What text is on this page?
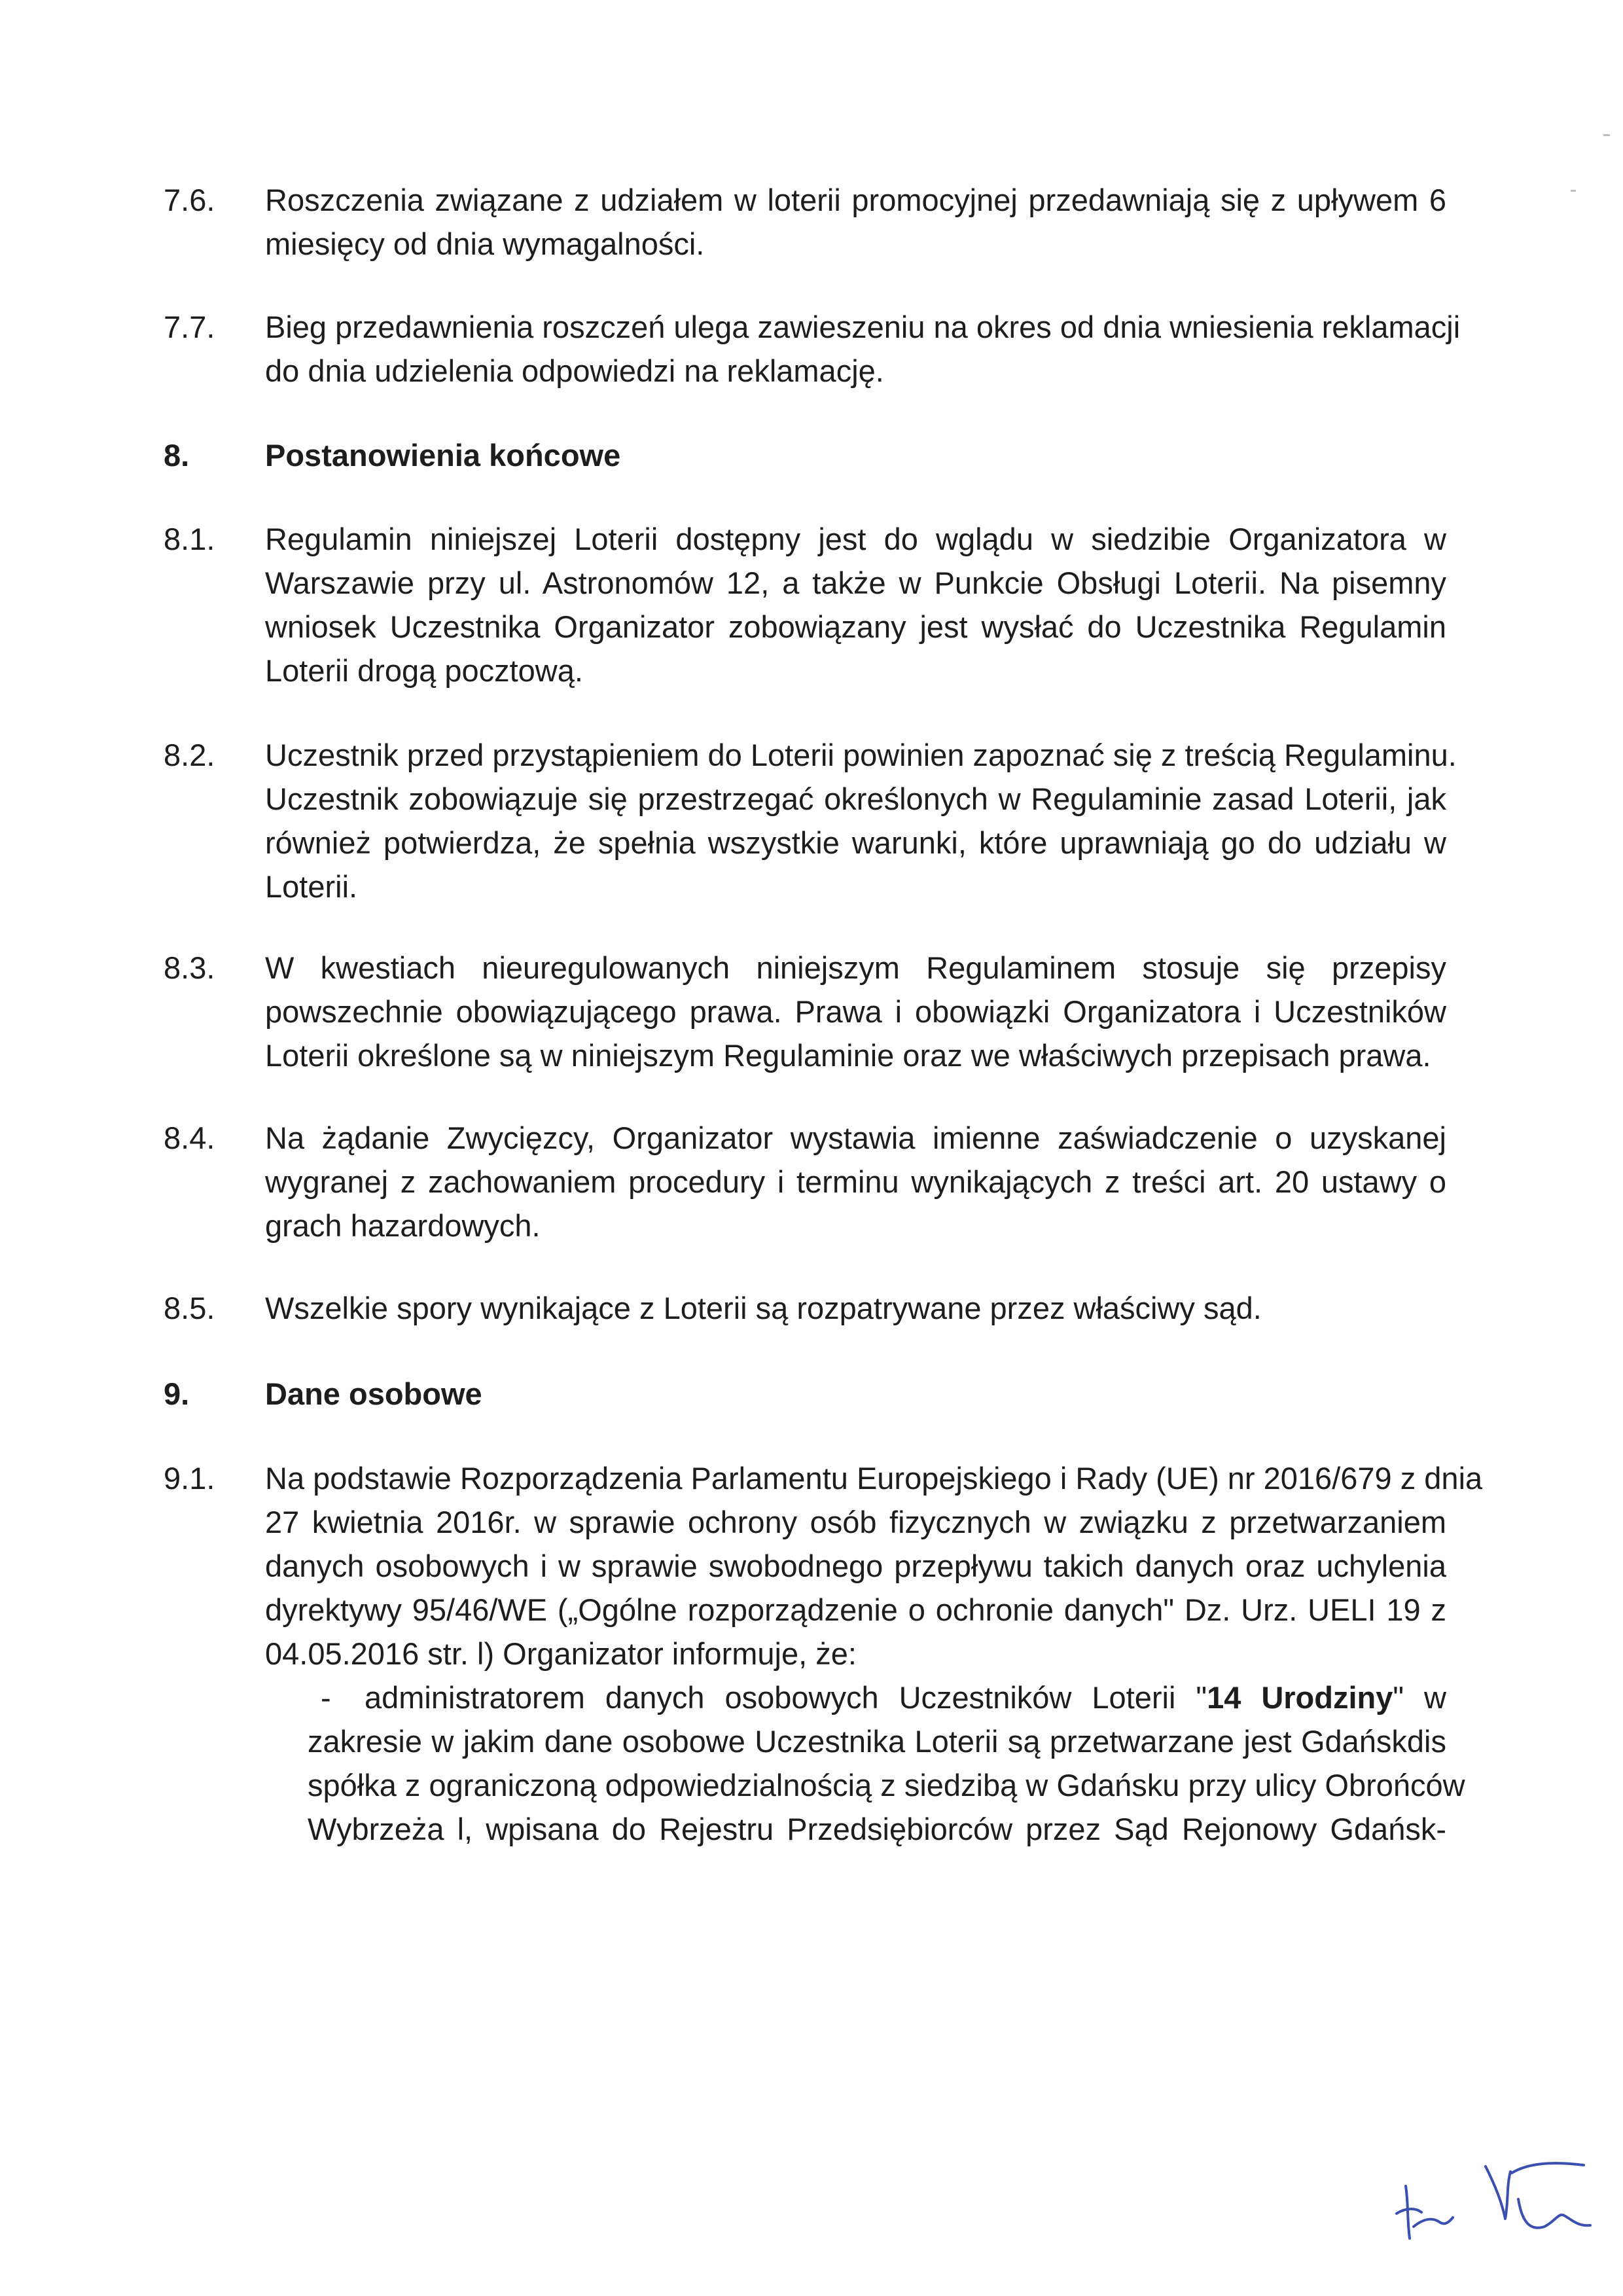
7.6.	Roszczenia związane z udziałem w loterii promocyjnej przedawniają się z upływem 6
miesięcy od dnia wymagalności.
7.7.	Bieg przedawnienia roszczeń ulega zawieszeniu na okres od dnia wniesienia reklamacji
do dnia udzielenia odpowiedzi na reklamację.
8.	Postanowienia końcowe
8.1.	Regulamin niniejszej Loterii dostępny jest do wglądu w siedzibie Organizatora w
Warszawie przy ul. Astronomów 12, a także w Punkcie Obsługi Loterii. Na pisemny
wniosek Uczestnika Organizator zobowiązany jest wysłać do Uczestnika Regulamin
Loterii drogą pocztową.
8.2.	Uczestnik przed przystąpieniem do Loterii powinien zapoznać się z treścią Regulaminu.
Uczestnik zobowiązuje się przestrzegać określonych w Regulaminie zasad Loterii, jak
również potwierdza, że spełnia wszystkie warunki, które uprawniają go do udziału w
Loterii.
8.3.	W kwestiach nieuregulowanych niniejszym Regulaminem stosuje się przepisy
powszechnie obowiązującego prawa. Prawa i obowiązki Organizatora i Uczestników
Loterii określone są w niniejszym Regulaminie oraz we właściwych przepisach prawa.
8.4.	Na żądanie Zwycięzcy, Organizator wystawia imienne zaświadczenie o uzyskanej
wygranej z zachowaniem procedury i terminu wynikających z treści art. 20 ustawy o
grach hazardowych.
8.5.	Wszelkie spory wynikające z Loterii są rozpatrywane przez właściwy sąd.
9.	Dane osobowe
9.1.	Na podstawie Rozporządzenia Parlamentu Europejskiego i Rady (UE) nr 2016/679 z dnia
27 kwietnia 2016r. w sprawie ochrony osób fizycznych w związku z przetwarzaniem
danych osobowych i w sprawie swobodnego przepływu takich danych oraz uchylenia
dyrektywy 95/46/WE („Ogólne rozporządzenie o ochronie danych" Dz. Urz. UELI 19 z
04.05.2016 str. l) Organizator informuje, że:
-	administratorem danych osobowych Uczestników Loterii "14 Urodziny" w
zakresie w jakim dane osobowe Uczestnika Loterii są przetwarzane jest Gdańskdis
spółka z ograniczoną odpowiedzialnością z siedzibą w Gdańsku przy ulicy Obrońców
Wybrzeża l, wpisana do Rejestru Przedsiębiorców przez Sąd Rejonowy Gdańsk-
